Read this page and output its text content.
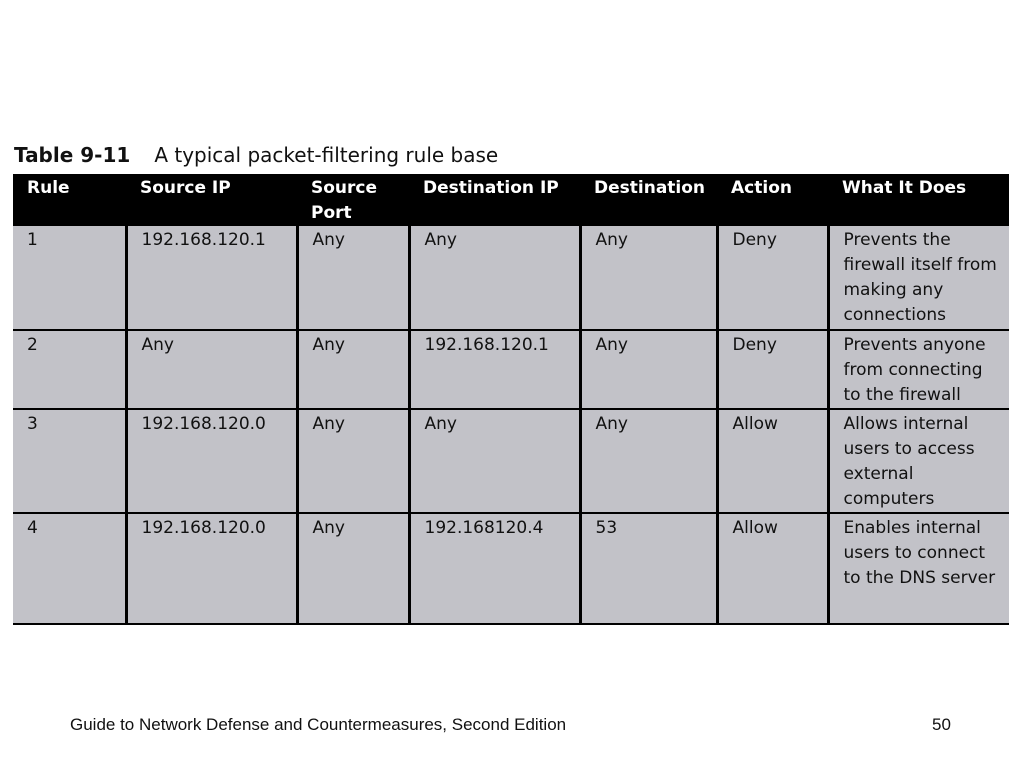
Table 9-11 A typical packet-filtering rule base
Rule	Source IP	Source Port	Destination IP	Destination	Action	What It Does
1	192.168.120.1	Any	Any	Any	Deny	Prevents the firewall itself from making any connections
2	Any	Any	192.168.120.1	Any	Deny	Prevents anyone from connecting to the firewall
3	192.168.120.0	Any	Any	Any	Allow	Allows internal users to access external computers
4	192.168.120.0	Any	192.168120.4	53	Allow	Enables internal users to connect to the DNS server
Guide to Network Defense and Countermeasures, Second Edition	50
